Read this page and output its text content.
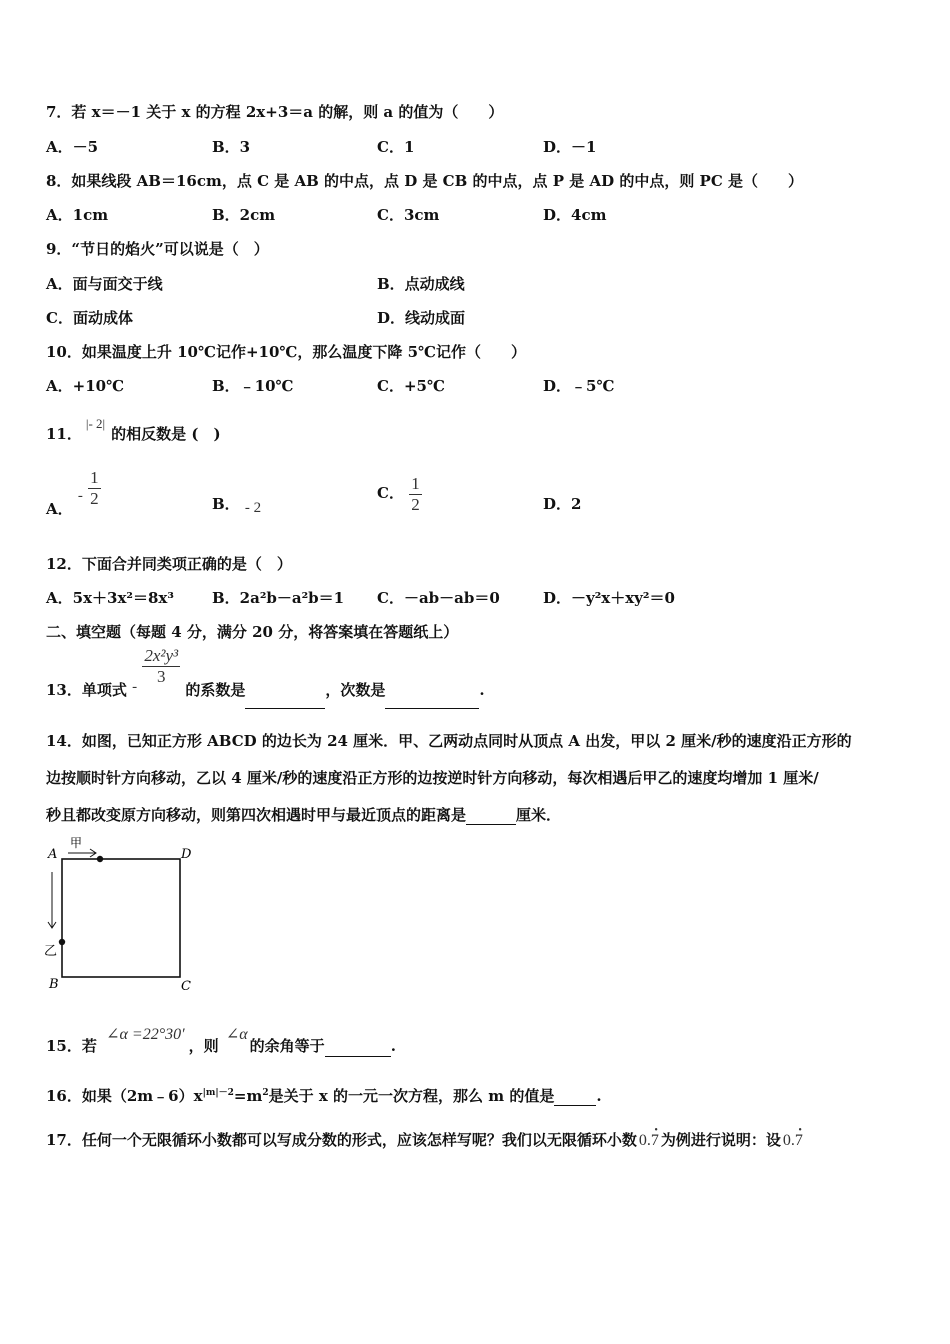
7．若 x＝－1 关于 x 的方程 2x+3＝a 的解，则 a 的值为（　　）
A．－5	B．3	C．1	D．－1
8．如果线段 AB＝16cm，点 C 是 AB 的中点，点 D 是 CB 的中点，点 P 是 AD 的中点，则 PC 是（　　）
A．1cm	B．2cm	C．3cm	D．4cm
9．“节日的焰火”可以说是（　）
A．面与面交于线	B．点动成线
C．面动成体	D．线动成面
10．如果温度上升 10℃记作+10℃，那么温度下降 5℃记作（　　）
A．+10℃	B．﹣10℃	C．+5℃	D．﹣5℃
11．|- 2|的相反数是 (　)
A． - $\frac{1}{2}$	B． - 2
C． $\frac{1}{2}$	D．2
12．下面合并同类项正确的是（　）
A．5x＋3x²＝8x³	B．2a²b－a²b＝1 C．－ab－ab＝0	D．－y²x＋xy²＝0
二、填空题（每题 4 分，满分 20 分，将答案填在答题纸上）
13．单项式 - $\frac{\text{2x²y³}}{3}$
的系数是	，次数是	.
14．如图，已知正方形 ABCD 的边长为 24 厘米．甲、乙两动点同时从顶点 A 出发，甲以 2 厘米/秒的速度沿正方形的
边按顺时针方向移动，乙以 4 厘米/秒的速度沿正方形的边按逆时针方向移动，每次相遇后甲乙的速度均增加 1 厘米/
秒且都改变原方向移动，则第四次相遇时甲与最近顶点的距离是	厘米．
A	D
B	C
甲
乙
15．若 ∠α =22°30′，则 ∠α的余角等于	.
16．如果$(2m﹣6)x^{|m|-2}=m^2$是关于 x 的一元一次方程，那么 m 的值是	.
17．任何一个无限循环小数都可以写成分数的形式，应该怎样写呢？我们以无限循环小数 • 0.7 为例进行说明：设 • 0.7
